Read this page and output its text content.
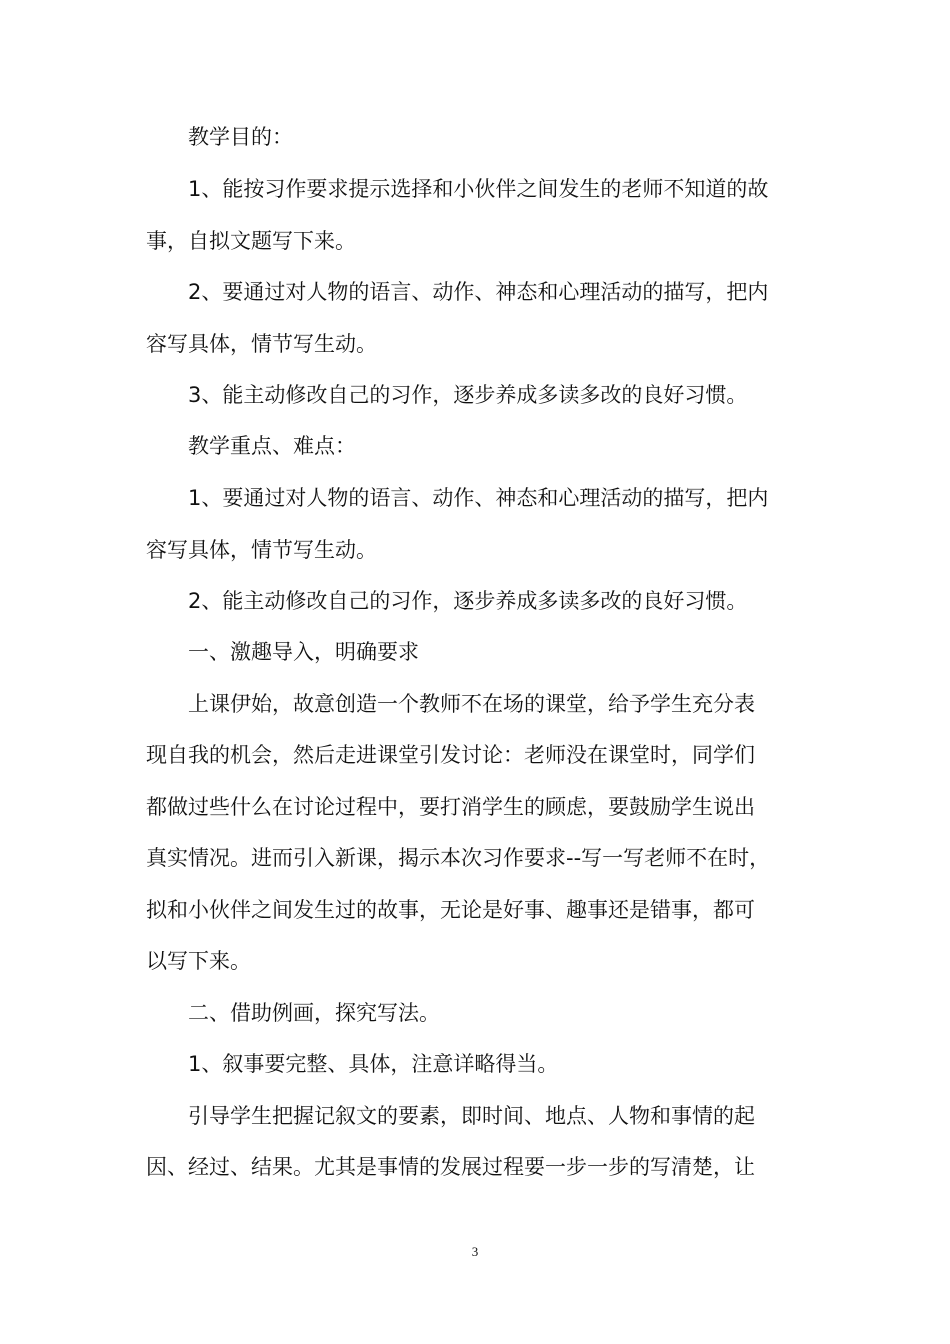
教学目的：
1、能按习作要求提示选择和小伙伴之间发生的老师不知道的故
事，自拟文题写下来。
2、要通过对人物的语言、动作、神态和心理活动的描写，把内
容写具体，情节写生动。
3、能主动修改自己的习作，逐步养成多读多改的良好习惯。
教学重点、难点：
1、要通过对人物的语言、动作、神态和心理活动的描写，把内
容写具体，情节写生动。
2、能主动修改自己的习作，逐步养成多读多改的良好习惯。
一、激趣导入，明确要求
上课伊始，故意创造一个教师不在场的课堂，给予学生充分表
现自我的机会，然后走进课堂引发讨论：老师没在课堂时，同学们
都做过些什么在讨论过程中，要打消学生的顾虑，要鼓励学生说出
真实情况。进而引入新课，揭示本次习作要求--写一写老师不在时，
拟和小伙伴之间发生过的故事，无论是好事、趣事还是错事，都可
以写下来。
二、借助例画，探究写法。
1、叙事要完整、具体，注意详略得当。
引导学生把握记叙文的要素，即时间、地点、人物和事情的起
因、经过、结果。尤其是事情的发展过程要一步一步的写清楚，让
3
